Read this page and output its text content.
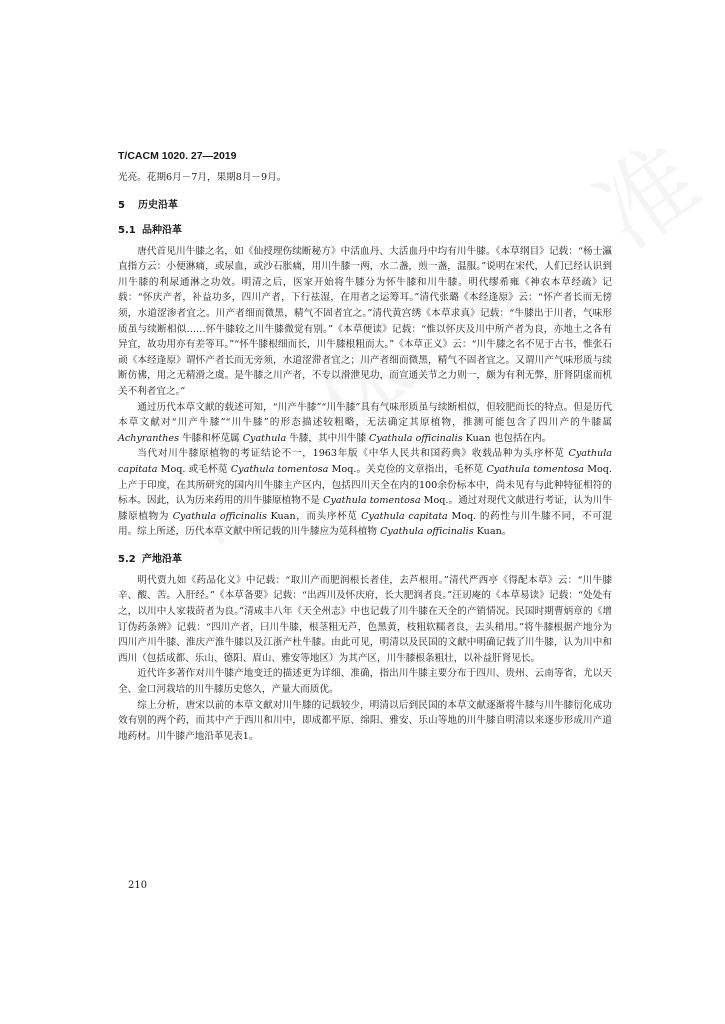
T/CACM 1020. 27—2019

光亮。花期6月－7月，果期8月－9月。

5 历史沿革
5.1 品种沿革

唐代首见川牛膝之名，如《仙授理伤续断秘方》中活血丹、大活血丹中均有川牛膝。《本草纲目》记载：“杨士瀛直指方云：小便淋痛，或尿血，或沙石胀痛，用川牛膝一两，水二盏，煎一盏，温服。”说明在宋代，人们已经认识到川牛膝的利尿通淋之功效。明清之后，医家开始将牛膝分为怀牛膝和川牛膝。明代缪希雍《神农本草经疏》记载：“怀庆产者，补益功多，四川产者，下行祛湿，在用者之运筹耳。”清代张璐《本经逢原》云：“怀产者长而无傍须，水道涩渗者宜之。川产者细而微黑，精气不固者宜之。”清代黄宫绣《本草求真》记载：“牛膝出于川者，气味形质虽与续断相似……怀牛膝较之川牛膝微觉有别。”《本草便读》记载：“惟以怀庆及川中所产者为良，亦地土之各有异宜，故功用亦有差等耳。”“怀牛膝根细而长，川牛膝根粗而大。”《本草正义》云：“川牛膝之名不见于古书，惟张石顽《本经逢原》谓怀产者长而无旁须，水道涩滞者宜之；川产者细而微黑，精气不固者宜之。又谓川产气味形质与续断仿佛，用之无精滑之虞。是牛膝之川产者，不专以滑泄见功，而宣通关节之力则一，颇为有利无弊，肝肾阴虚而机关不利者宜之。”

通过历代本草文献的载述可知，“川产牛膝”“川牛膝”具有气味形质虽与续断相似，但较肥而长的特点。但是历代本草文献对“川产牛膝”“川牛膝”的形态描述较粗略，无法确定其原植物，推测可能包含了四川产的牛膝属 Achyranthes 牛膝和杯苋属 Cyathula 牛膝，其中川牛膝 Cyathula officinalis Kuan 也包括在内。

当代对川牛膝原植物的考证结论不一，1963年版《中华人民共和国药典》收载品种为头序杯苋 Cyathula capitata Moq. 或毛杯苋 Cyathula tomentosa Moq.。关克俭的文章指出，毛杯苋 Cyathula tomentosa Moq. 上产于印度，在其所研究的国内川牛膝主产区内，包括四川天全在内的100余份标本中，尚未见有与此种特征相符的标本。因此，认为历来药用的川牛膝原植物不是 Cyathula tomentosa Moq.。通过对现代文献进行考证，认为川牛膝原植物为 Cyathula officinalis Kuan，而头序杯苋 Cyathula capitata Moq. 的药性与川牛膝不同，不可混用。综上所述，历代本草文献中所记载的川牛膝应为苋科植物 Cyathula officinalis Kuan。

5.2 产地沿革

明代贾九如《药品化义》中记载：“取川产而肥润根长者佳，去芦根用。”清代严西亭《得配本草》云：“川牛膝辛、酸、苦。入肝经。”《本草备要》记载：“出西川及怀庆府，长大肥润者良。”汪讱庵的《本草易读》记载：“处处有之，以川中人家栽莳者为良。”清咸丰八年《天全州志》中也记载了川牛膝在天全的产销情况。民国时期曹炳章的《增订伪药条辨》记载：“四川产者，曰川牛膝，根茎粗无芦，色黑黄，枝粗软糯者良，去头稍用。”将牛膝根据产地分为四川产川牛膝、淮庆产淮牛膝以及江浙产杜牛膝。由此可见，明清以及民国的文献中明确记载了川牛膝，认为川中和西川（包括成都、乐山、德阳、眉山、雅安等地区）为其产区，川牛膝根条粗壮，以补益肝肾见长。

近代许多著作对川牛膝产地变迁的描述更为详细、准确，指出川牛膝主要分布于四川、贵州、云南等省，尤以天全、金口河栽培的川牛膝历史悠久，产量大而质优。

综上分析，唐宋以前的本草文献对川牛膝的记载较少，明清以后到民国的本草文献逐渐将牛膝与川牛膝衍化成功效有别的两个药，而其中产于西川和川中，即成都平原、绵阳、雅安、乐山等地的川牛膝自明清以来逐步形成川产道地药材。川牛膝产地沿革见表1。

210
